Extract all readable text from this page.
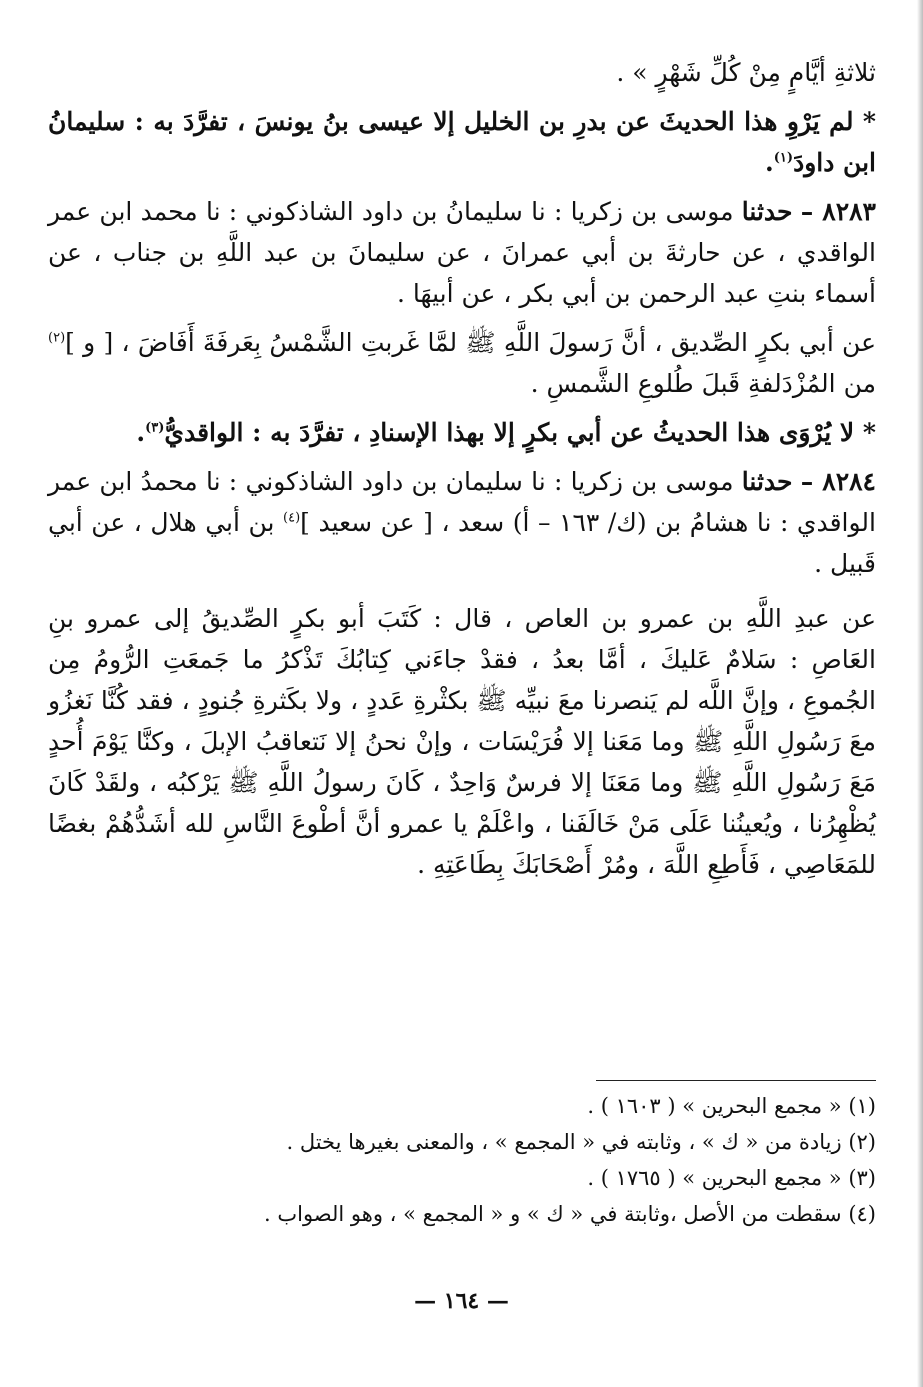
ثلاثةِ أيَّامٍ مِنْ كُلِّ شَهْرٍ » .

* لم يَرْوِ هذا الحديثَ عن بدرِ بن الخليل إلا عيسى بنُ يونسَ ، تفرَّدَ به : سليمانُ ابن داودَ$^{(١)}$.

٨٢٨٣ – حدثنا موسى بن زكريا : نا سليمانُ بن داود الشاذكوني : نا محمد ابن عمر الواقدي ، عن حارثةَ بن أبي عمرانَ ، عن سليمانَ بن عبد اللَّهِ بن جناب ، عن أسماء بنتِ عبد الرحمن بن أبي بكر ، عن أبيهَا .

عن أبي بكرٍ الصِّديق ، أنَّ رَسولَ اللَّهِ ﷺ لمَّا غَربتِ الشَّمْسُ بِعَرفَةَ أَفَاضَ ، [ و ]$^{(٢)}$ من المُزْدَلفةِ قَبلَ طُلوعِ الشَّمسِ .

* لا يُرْوَى هذا الحديثُ عن أبي بكرٍ إلا بهذا الإسنادِ ، تفرَّدَ به : الواقديُّ$^{(٣)}$.

٨٢٨٤ – حدثنا موسى بن زكريا : نا سليمان بن داود الشاذكوني : نا محمدُ ابن عمر الواقدي : نا هشامُ بن (ك/ ١٦٣ – أ) سعد ، [ عن سعيد ]$^{(٤)}$ بن أبي هلال ، عن أبي قَبيل .

عن عبدِ اللَّهِ بن عمرو بن العاص ، قال : كَتَبَ أبو بكرٍ الصِّديقُ إلى عمرو بنِ العَاصِ : سَلامٌ عَليكَ ، أمَّا بعدُ ، فقدْ جاءَني كِتابُكَ تَذْكرُ ما جَمعَتِ الرُّومُ مِن الجُموعِ ، وإنَّ اللَّه لم يَنصرنا معَ نبيِّه ﷺ بكثْرةِ عَددٍ ، ولا بكَثرةِ جُنودٍ ، فقد كُنَّا نَغزُو معَ رَسُولِ اللَّهِ ﷺ وما مَعَنا إلا فُرَيْسَات ، وإنْ نحنُ إلا نَتعاقبُ الإبلَ ، وكنَّا يَوْمَ أُحدٍ مَعَ رَسُولِ اللَّهِ ﷺ وما مَعَنَا إلا فرسٌ وَاحِدٌ ، كَانَ رسولُ اللَّهِ ﷺ يَرْكبُه ، ولقَدْ كَانَ يُظْهِرُنا ، ويُعينُنا عَلَى مَنْ خَالَفَنا ، واعْلَمْ يا عمرو أنَّ أطْوعَ النَّاسِ لله أشَدُّهُمْ بغضًا للمَعَاصِي ، فَأَطِعِ اللَّهَ ، ومُرْ أَصْحَابَكَ بِطَاعَتِهِ .

(١) « مجمع البحرين » ( ١٦٠٣ ) .

(٢) زيادة من « ك » ، وثابته في « المجمع » ، والمعنى بغيرها يختل .

(٣) « مجمع البحرين » ( ١٧٦٥ ) .

(٤) سقطت من الأصل ،وثابتة في « ك » و « المجمع » ، وهو الصواب .

— ١٦٤ —
